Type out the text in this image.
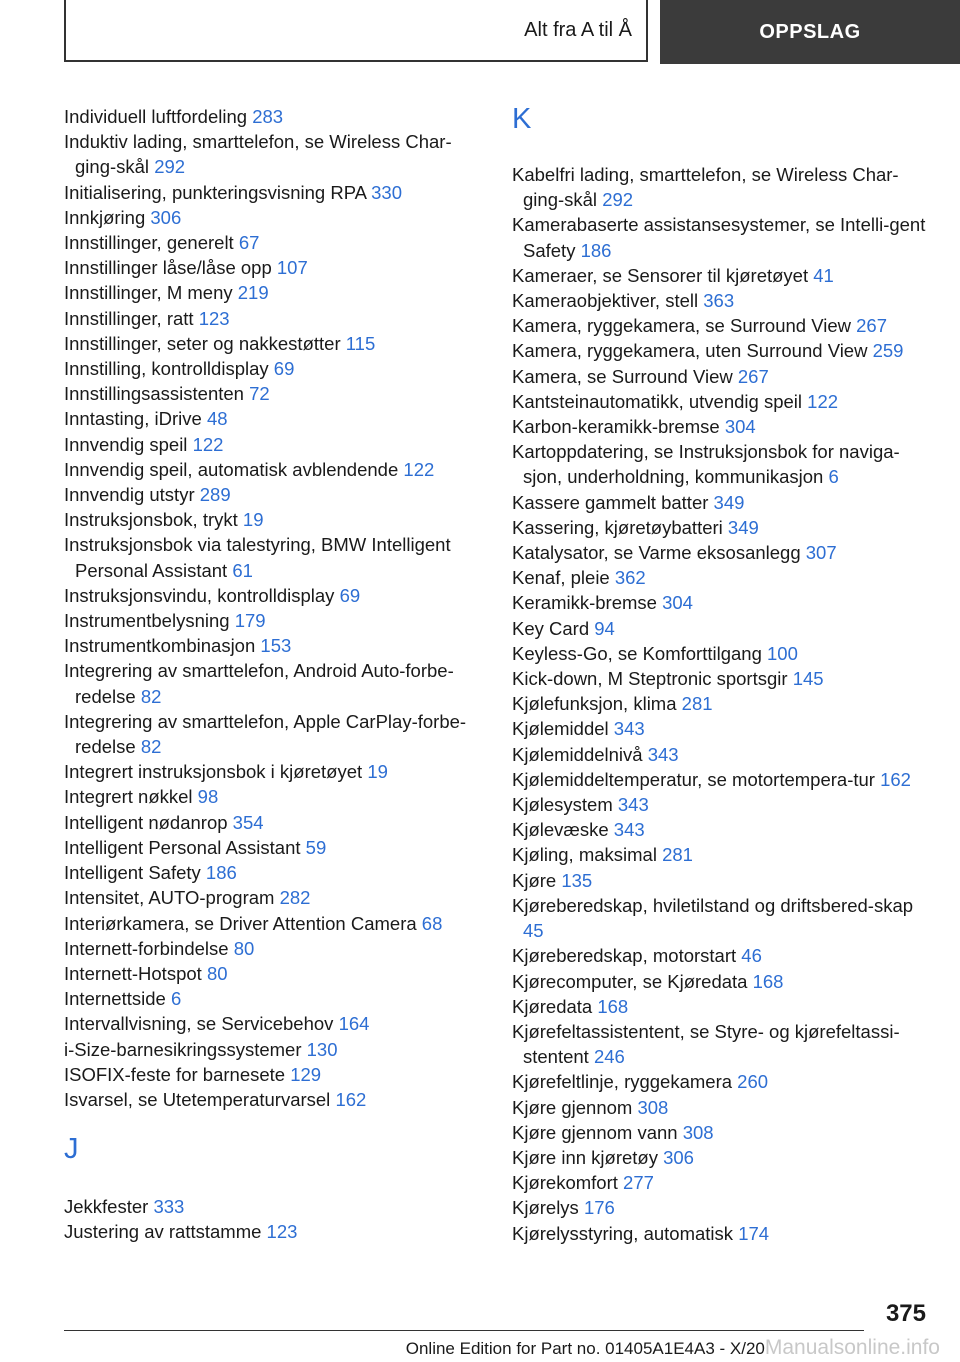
Alt fra A til Å	OPPSLAG
Individuell luftfordeling 283
Induktiv lading, smarttelefon, se Wireless Char-ging-skål 292
Initialisering, punkteringsvisning RPA 330
Innkjøring 306
Innstillinger, generelt 67
Innstillinger låse/låse opp 107
Innstillinger, M meny 219
Innstillinger, ratt 123
Innstillinger, seter og nakkestøtter 115
Innstilling, kontrolldisplay 69
Innstillingsassistenten 72
Inntasting, iDrive 48
Innvendig speil 122
Innvendig speil, automatisk avblendende 122
Innvendig utstyr 289
Instruksjonsbok, trykt 19
Instruksjonsbok via talestyring, BMW Intelligent Personal Assistant 61
Instruksjonsvindu, kontrolldisplay 69
Instrumentbelysning 179
Instrumentkombinasjon 153
Integrering av smarttelefon, Android Auto-forbe-redelse 82
Integrering av smarttelefon, Apple CarPlay-forbe-redelse 82
Integrert instruksjonsbok i kjøretøyet 19
Integrert nøkkel 98
Intelligent nødanrop 354
Intelligent Personal Assistant 59
Intelligent Safety 186
Intensitet, AUTO-program 282
Interiørkamera, se Driver Attention Camera 68
Internett-forbindelse 80
Internett-Hotspot 80
Internettside 6
Intervallvisning, se Servicebehov 164
i-Size-barnesikringssystemer 130
ISOFIX-feste for barnesete 129
Isvarsel, se Utetemperaturvarsel 162
J
Jekkfester 333
Justering av rattstamme 123
K
Kabelfri lading, smarttelefon, se Wireless Char-ging-skål 292
Kamerabaserte assistansesystemer, se Intelli-gent Safety 186
Kameraer, se Sensorer til kjøretøyet 41
Kameraobjektiver, stell 363
Kamera, ryggekamera, se Surround View 267
Kamera, ryggekamera, uten Surround View 259
Kamera, se Surround View 267
Kantsteinautomatikk, utvendig speil 122
Karbon-keramikk-bremse 304
Kartoppdatering, se Instruksjonsbok for naviga-sjon, underholdning, kommunikasjon 6
Kassere gammelt batter 349
Kassering, kjøretøybatteri 349
Katalysator, se Varme eksosanlegg 307
Kenaf, pleie 362
Keramikk-bremse 304
Key Card 94
Keyless-Go, se Komforttilgang 100
Kick-down, M Steptronic sportsgir 145
Kjølefunksjon, klima 281
Kjølemiddel 343
Kjølemiddelnivå 343
Kjølemiddeltemperatur, se motortempera-tur 162
Kjølesystem 343
Kjølevæske 343
Kjøling, maksimal 281
Kjøre 135
Kjøreberedskap, hviletilstand og driftsbered-skap 45
Kjøreberedskap, motorstart 46
Kjørecomputer, se Kjøredata 168
Kjøredata 168
Kjørefeltassistentent, se Styre- og kjørefeltassi-stentent 246
Kjørefeltlinje, ryggekamera 260
Kjøre gjennom 308
Kjøre gjennom vann 308
Kjøre inn kjøretøy 306
Kjørekomfort 277
Kjørelys 176
Kjørelysstyring, automatisk 174
375
Online Edition for Part no. 01405A1E4A3 - X/20Manualsonline.info
